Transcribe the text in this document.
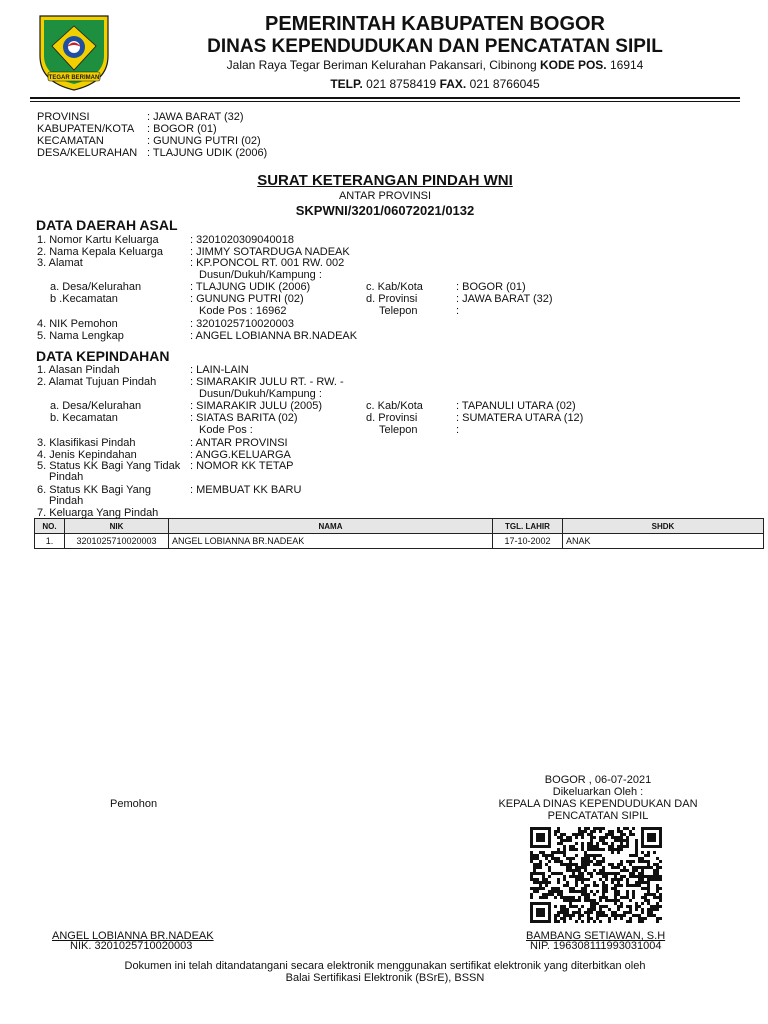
TEGAR BERIMAN
PEMERINTAH KABUPATEN BOGOR
DINAS KEPENDUDUKAN DAN PENCATATAN SIPIL
Jalan Raya Tegar Beriman Kelurahan Pakansari, Cibinong KODE POS. 16914
TELP. 021 8758419 FAX. 021 8766045
PROVINSI	: JAWA BARAT (32)
KABUPATEN/KOTA : BOGOR (01)
KECAMATAN	: GUNUNG PUTRI (02)
DESA/KELURAHAN : TLAJUNG UDIK (2006)
SURAT KETERANGAN PINDAH WNI
ANTAR PROVINSI
SKPWNI/3201/06072021/0132
DATA DAERAH ASAL
1. Nomor Kartu Keluarga	: 3201020309040018
2. Nama Kepala Keluarga : JIMMY SOTARDUGA NADEAK
3. Alamat	: KP.PONCOL RT. 001 RW. 002
Dusun/Dukuh/Kampung :
a. Desa/Kelurahan	: TLAJUNG UDIK (2006)	c. Kab/Kota	: BOGOR (01)
b .Kecamatan	: GUNUNG PUTRI (02)	d. Provinsi	: JAWA BARAT (32)
Kode Pos : 16962	Telepon	:
4. NIK Pemohon	: 3201025710020003
5. Nama Lengkap	: ANGEL LOBIANNA BR.NADEAK
DATA KEPINDAHAN
1. Alasan Pindah	: LAIN-LAIN
2. Alamat Tujuan Pindah	: SIMARAKIR JULU RT. - RW. -
Dusun/Dukuh/Kampung :
a. Desa/Kelurahan	: SIMARAKIR JULU (2005)	c. Kab/Kota	: TAPANULI UTARA (02)
b. Kecamatan	: SIATAS BARITA (02)	d. Provinsi	: SUMATERA UTARA (12)
Kode Pos :	Telepon	:
3. Klasifikasi Pindah	: ANTAR PROVINSI
4. Jenis Kepindahan	: ANGG.KELUARGA
5. Status KK Bagi Yang Tidak
Pindah
: NOMOR KK TETAP
6. Status KK Bagi Yang
Pindah
: MEMBUAT KK BARU
7. Keluarga Yang Pindah
NO.	NIK	NAMA	TGL. LAHIR	SHDK
1.	3201025710020003	ANGEL LOBIANNA BR.NADEAK	17-10-2002	ANAK
BOGOR , 06-07-2021
Dikeluarkan Oleh :
KEPALA DINAS KEPENDUDUKAN DAN
PENCATATAN SIPIL
Pemohon
ANGEL LOBIANNA BR.NADEAK
NIK. 3201025710020003
BAMBANG SETIAWAN, S.H
NIP. 196308111993031004
Dokumen ini telah ditandatangani secara elektronik menggunakan sertifikat elektronik yang diterbitkan oleh
Balai Sertifikasi Elektronik (BSrE), BSSN
